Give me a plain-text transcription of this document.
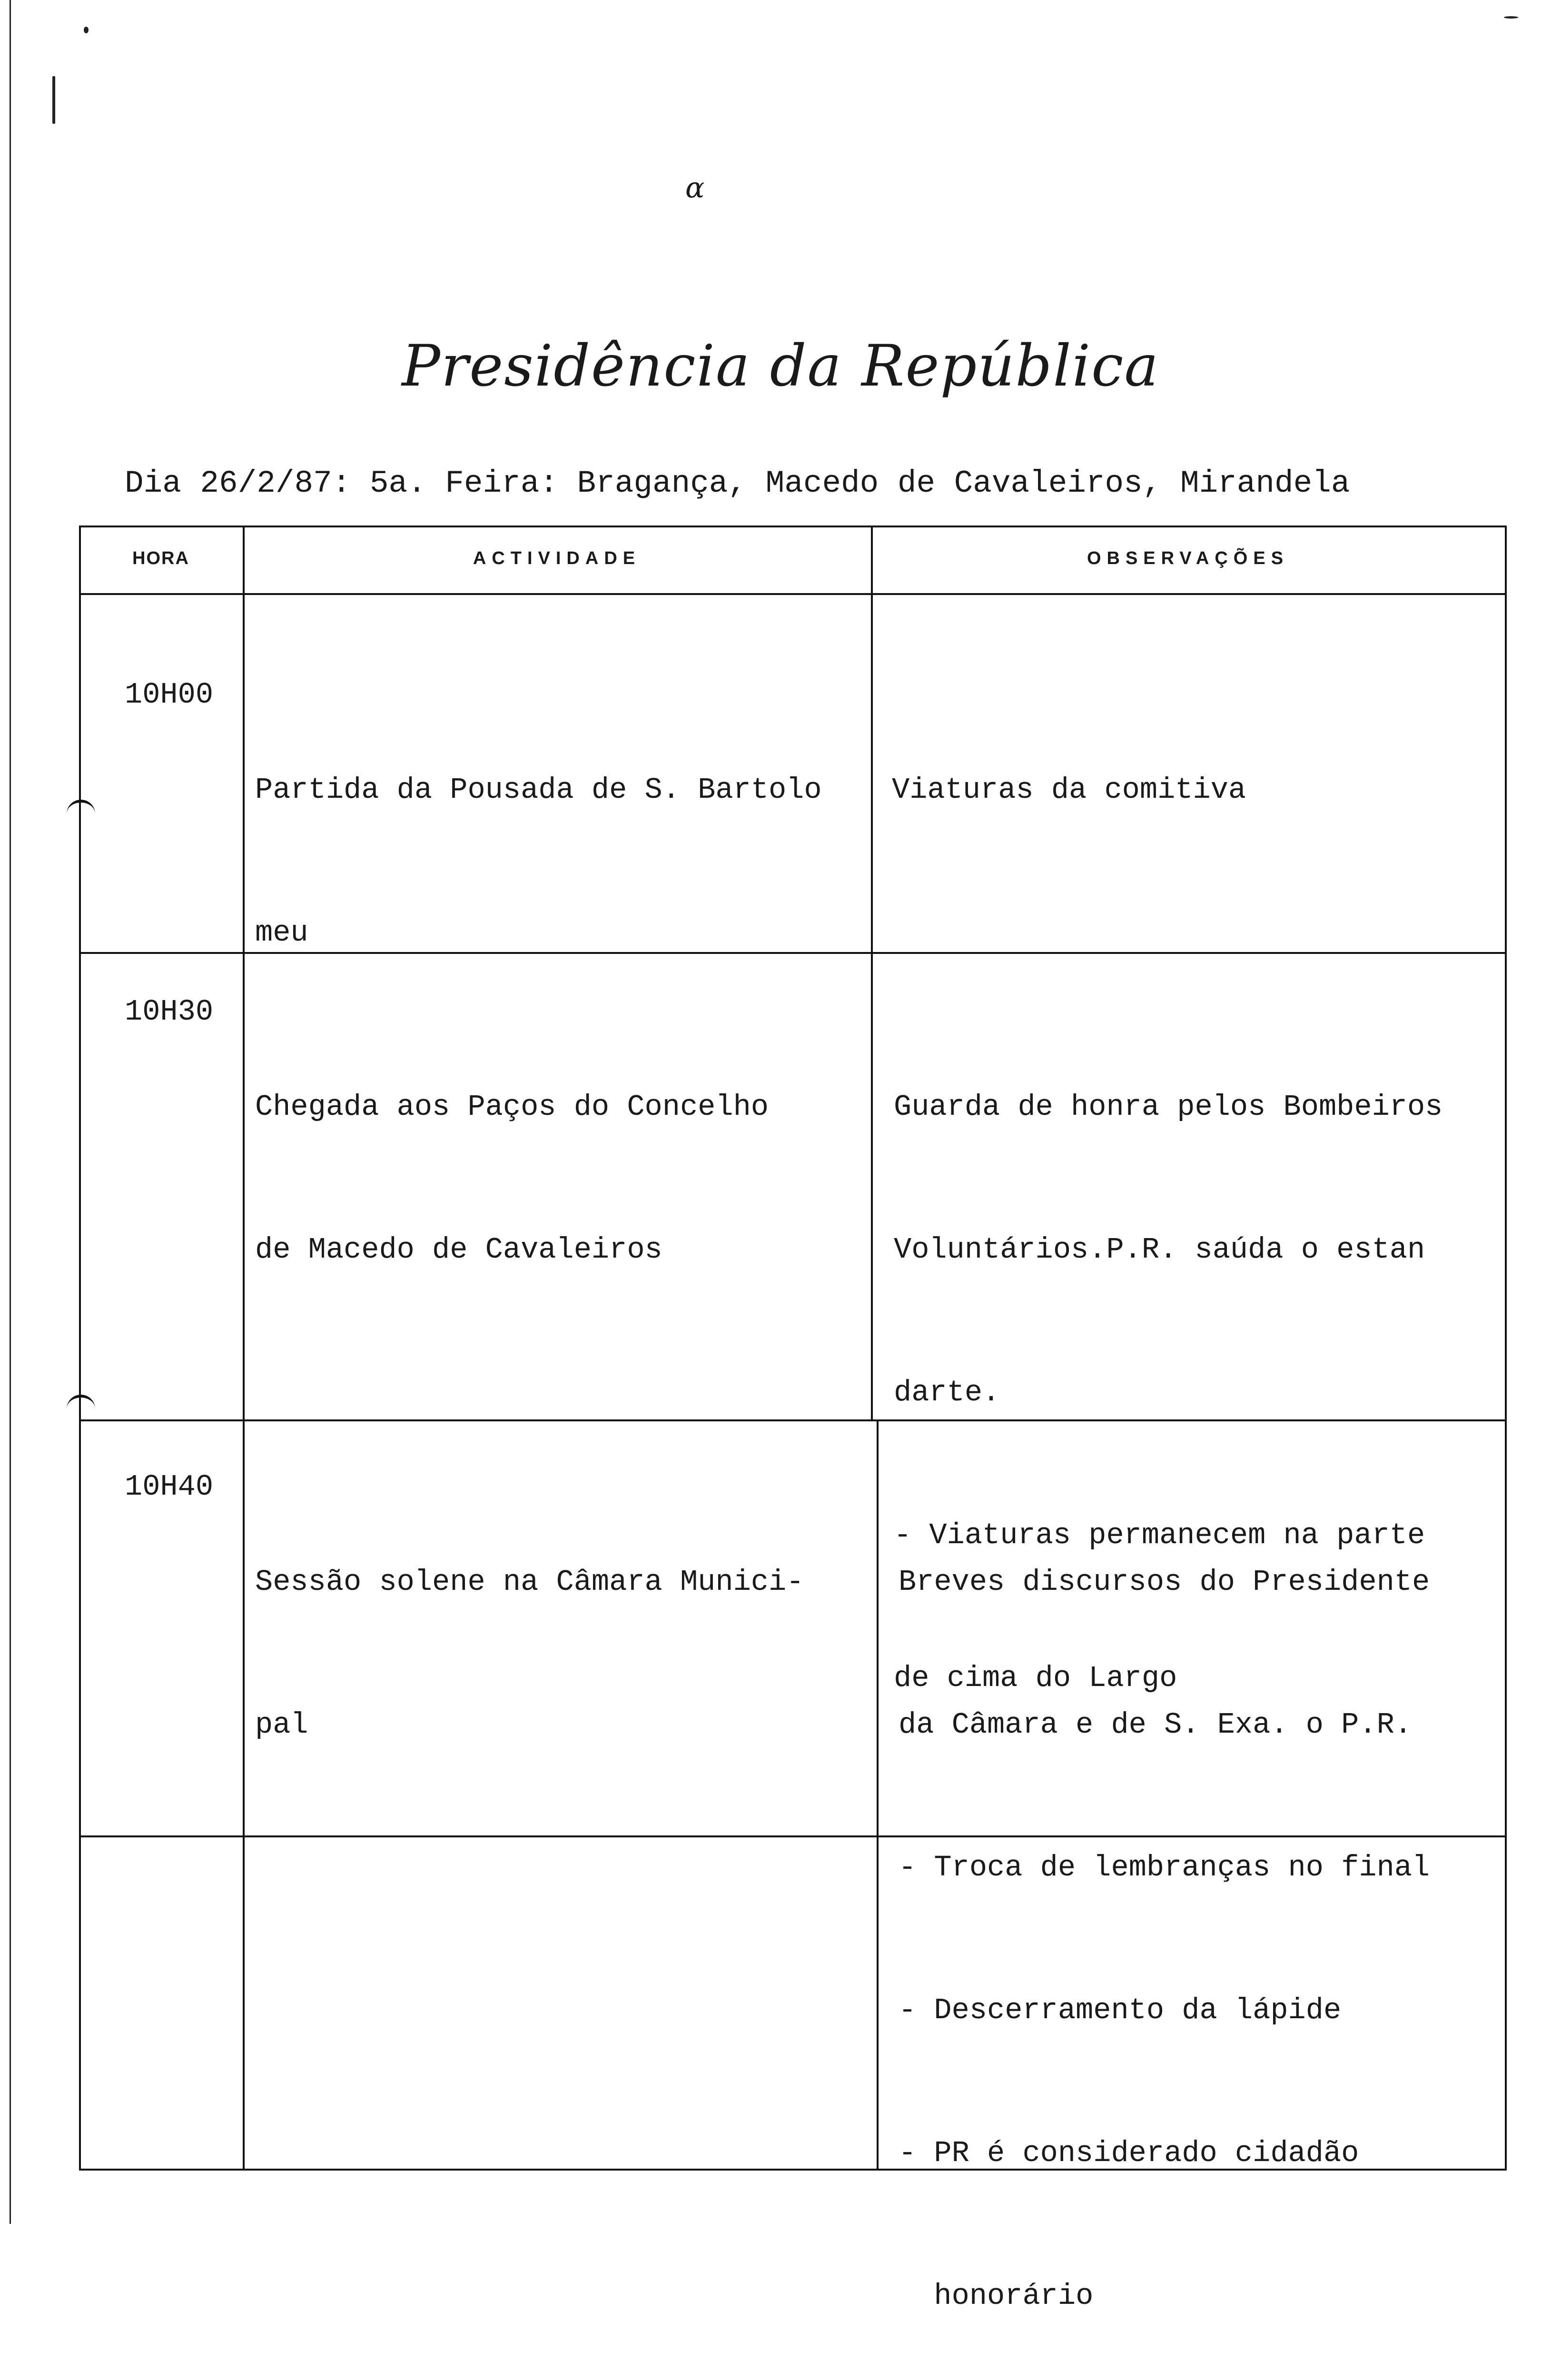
α
Presidência da República
Dia 26/2/87: 5a. Feira: Bragança, Macedo de Cavaleiros, Mirandela
HORA	ACTIVIDADE	OBSERVAÇÕES
10H00

Partida da Pousada de S. Bartolo

meu

Viaturas da comitiva

10H30

Chegada aos Paços do Concelho

de Macedo de Cavaleiros

Guarda de honra pelos Bombeiros

Voluntários.P.R. saúda o estan

darte.

- Viaturas permanecem na parte

de cima do Largo

10H40

Sessão solene na Câmara Munici-

pal

Breves discursos do Presidente

da Câmara e de S. Exa. o P.R.

- Troca de lembranças no final

- Descerramento da lápide

- PR é considerado cidadão

honorário
